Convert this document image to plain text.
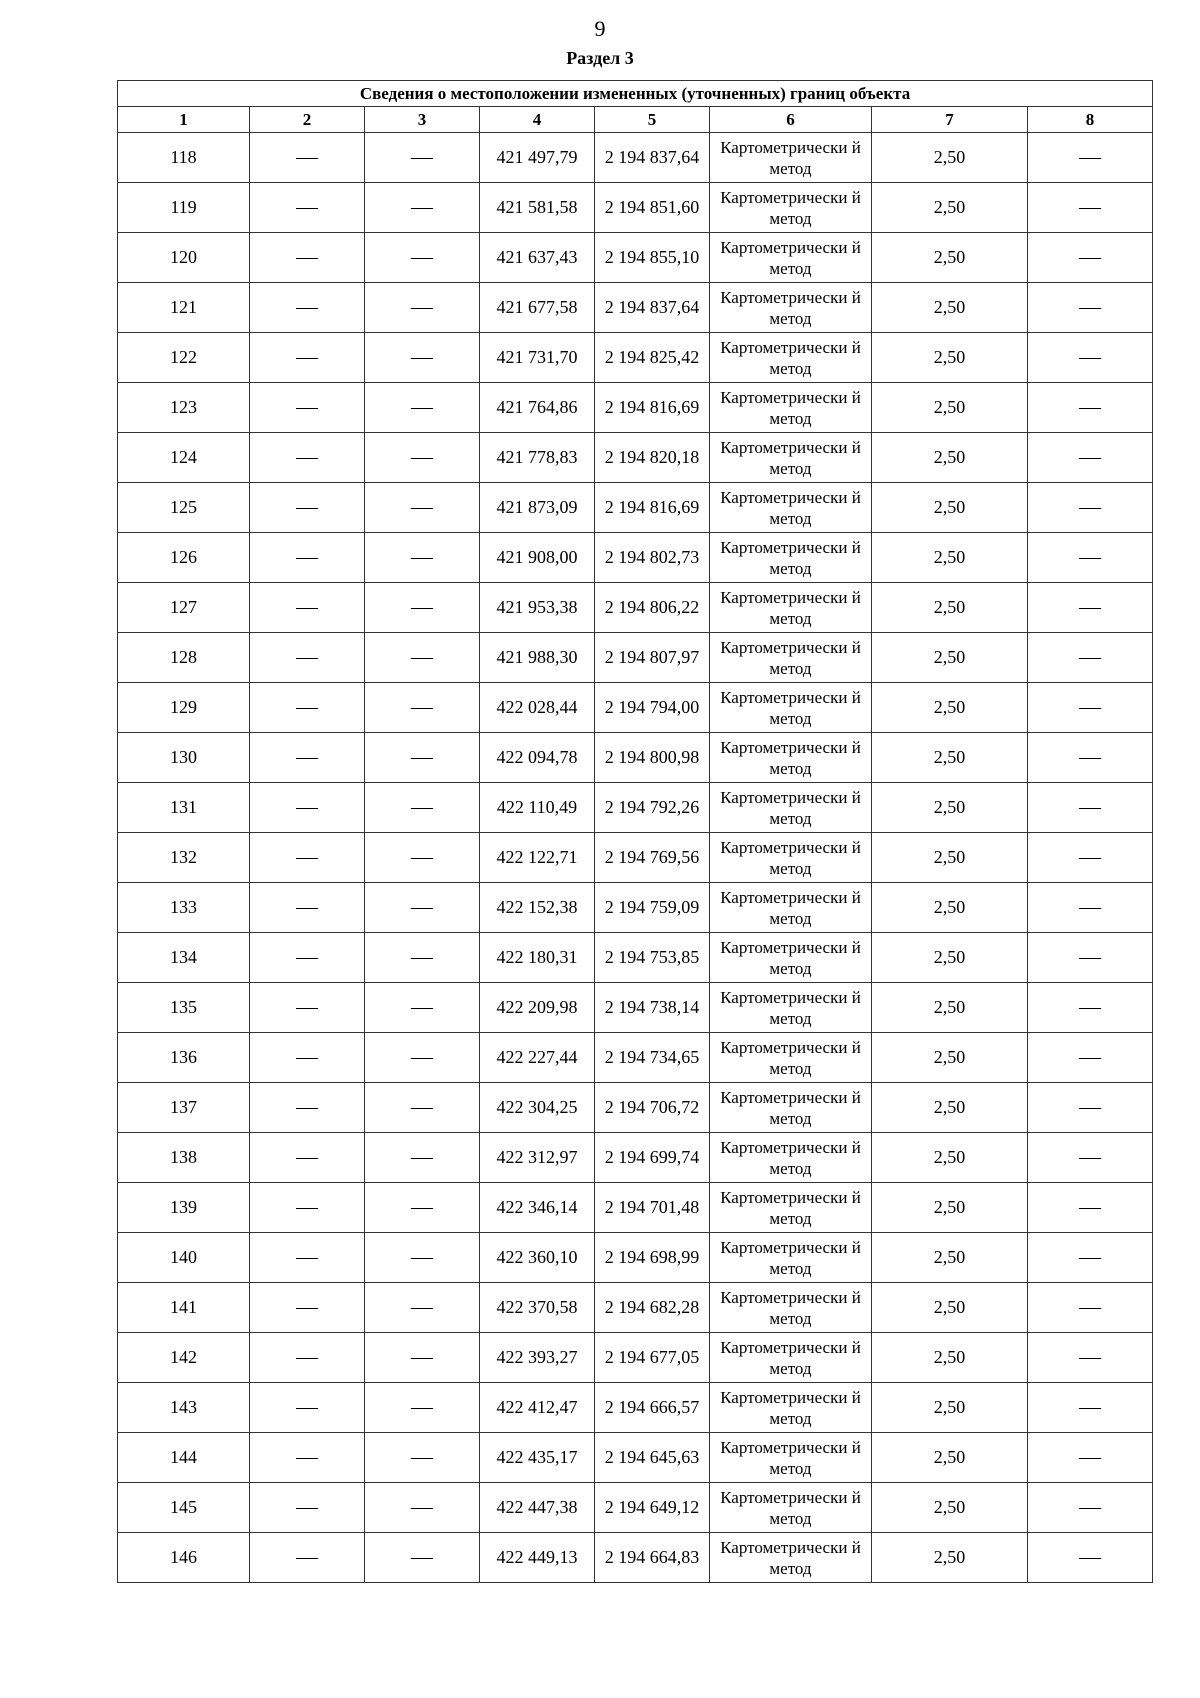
9
Раздел 3
Сведения о местоположении измененных (уточненных) границ объекта							
1	2	3	4	5	6	7	8
118			421 497,79	2 194 837,64	Картометрически й метод	2,50	
119			421 581,58	2 194 851,60	Картометрически й метод	2,50	
120			421 637,43	2 194 855,10	Картометрически й метод	2,50	
121			421 677,58	2 194 837,64	Картометрически й метод	2,50	
122			421 731,70	2 194 825,42	Картометрически й метод	2,50	
123			421 764,86	2 194 816,69	Картометрически й метод	2,50	
124			421 778,83	2 194 820,18	Картометрически й метод	2,50	
125			421 873,09	2 194 816,69	Картометрически й метод	2,50	
126			421 908,00	2 194 802,73	Картометрически й метод	2,50	
127			421 953,38	2 194 806,22	Картометрически й метод	2,50	
128			421 988,30	2 194 807,97	Картометрически й метод	2,50	
129			422 028,44	2 194 794,00	Картометрически й метод	2,50	
130			422 094,78	2 194 800,98	Картометрически й метод	2,50	
131			422 110,49	2 194 792,26	Картометрически й метод	2,50	
132			422 122,71	2 194 769,56	Картометрически й метод	2,50	
133			422 152,38	2 194 759,09	Картометрически й метод	2,50	
134			422 180,31	2 194 753,85	Картометрически й метод	2,50	
135			422 209,98	2 194 738,14	Картометрически й метод	2,50	
136			422 227,44	2 194 734,65	Картометрически й метод	2,50	
137			422 304,25	2 194 706,72	Картометрически й метод	2,50	
138			422 312,97	2 194 699,74	Картометрически й метод	2,50	
139			422 346,14	2 194 701,48	Картометрически й метод	2,50	
140			422 360,10	2 194 698,99	Картометрически й метод	2,50	
141			422 370,58	2 194 682,28	Картометрически й метод	2,50	
142			422 393,27	2 194 677,05	Картометрически й метод	2,50	
143			422 412,47	2 194 666,57	Картометрически й метод	2,50	
144			422 435,17	2 194 645,63	Картометрически й метод	2,50	
145			422 447,38	2 194 649,12	Картометрически й метод	2,50	
146			422 449,13	2 194 664,83	Картометрически й метод	2,50	
